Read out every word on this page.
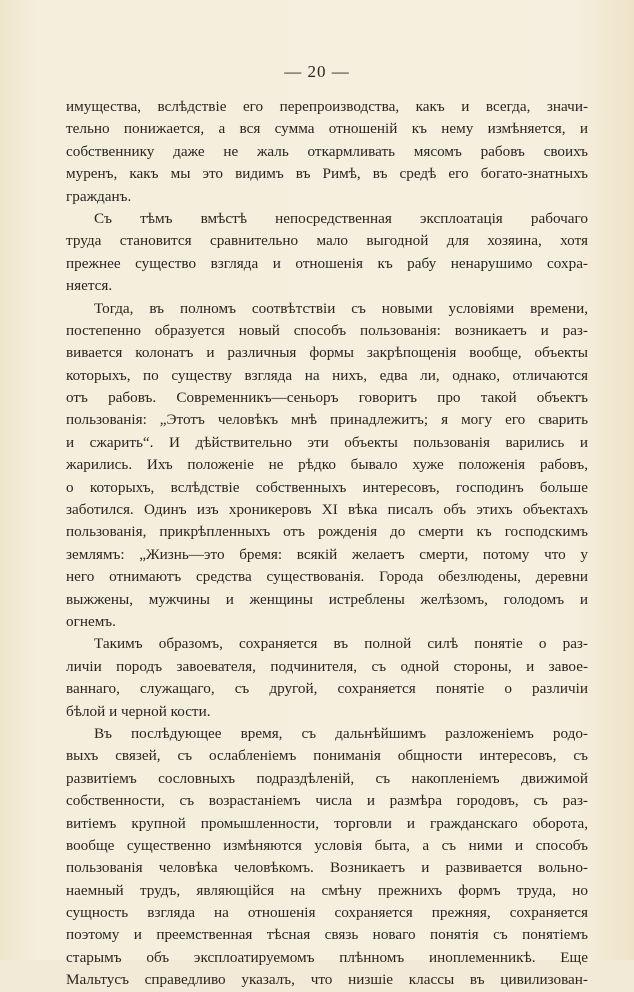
— 20 —
имущества, вслѣдствіе его перепроизводства, какъ и всегда, значи-
тельно понижается, а вся сумма отношеній къ нему измѣняется, и
собственнику даже не жаль откармливать мясомъ рабовъ своихъ
муренъ, какъ мы это видимъ въ Римѣ, въ средѣ его богато-знатныхъ
гражданъ.
Съ тѣмъ вмѣстѣ непосредственная эксплоатація рабочаго
труда становится сравнительно мало выгодной для хозяина, хотя
прежнее существо взгляда и отношенія къ рабу ненарушимо сохра-
няется.
Тогда, въ полномъ соотвѣтствіи съ новыми условіями времени,
постепенно образуется новый способъ пользованія: возникаетъ и раз-
вивается колонатъ и различныя формы закрѣпощенія вообще, объекты
которыхъ, по существу взгляда на нихъ, едва ли, однако, отличаются
отъ рабовъ. Современникъ—сеньоръ говоритъ про такой объектъ
пользованія: „Этотъ человѣкъ мнѣ принадлежитъ; я могу его сварить
и сжарить“. И дѣйствительно эти объекты пользованія варились и
жарились. Ихъ положеніе не рѣдко бывало хуже положенія рабовъ,
о которыхъ, вслѣдствіе собственныхъ интересовъ, господинъ больше
заботился. Одинъ изъ хроникеровъ XI вѣка писалъ объ этихъ объектахъ
пользованія, прикрѣпленныхъ отъ рожденія до смерти къ господскимъ
землямъ: „Жизнь—это бремя: всякій желаетъ смерти, потому что у
него отнимаютъ средства существованія. Города обезлюдены, деревни
выжжены, мужчины и женщины истреблены желѣзомъ, голодомъ и
огнемъ.
Такимъ образомъ, сохраняется въ полной силѣ понятіе о раз-
личіи породъ завоевателя, подчинителя, съ одной стороны, и завое-
ваннаго, служащаго, съ другой, сохраняется понятіе о различіи
бѣлой и черной кости.
Въ послѣдующее время, съ дальнѣйшимъ разложеніемъ родо-
выхъ связей, съ ослабленіемъ пониманія общности интересовъ, съ
развитіемъ сословныхъ подраздѣленій, съ накопленіемъ движимой
собственности, съ возрастаніемъ числа и размѣра городовъ, съ раз-
витіемъ крупной промышленности, торговли и гражданскаго оборота,
вообще существенно измѣняются условія быта, а съ ними и способъ
пользованія человѣка человѣкомъ. Возникаетъ и развивается вольно-
наемный трудъ, являющійся на смѣну прежнихъ формъ труда, но
сущность взгляда на отношенія сохраняется прежняя, сохраняется
поэтому и преемственная тѣсная связь новаго понятія съ понятіемъ
старымъ объ эксплоатируемомъ плѣнномъ иноплеменникѣ. Еще
Мальтусъ справедливо указалъ, что низшіе классы въ цивилизован-
